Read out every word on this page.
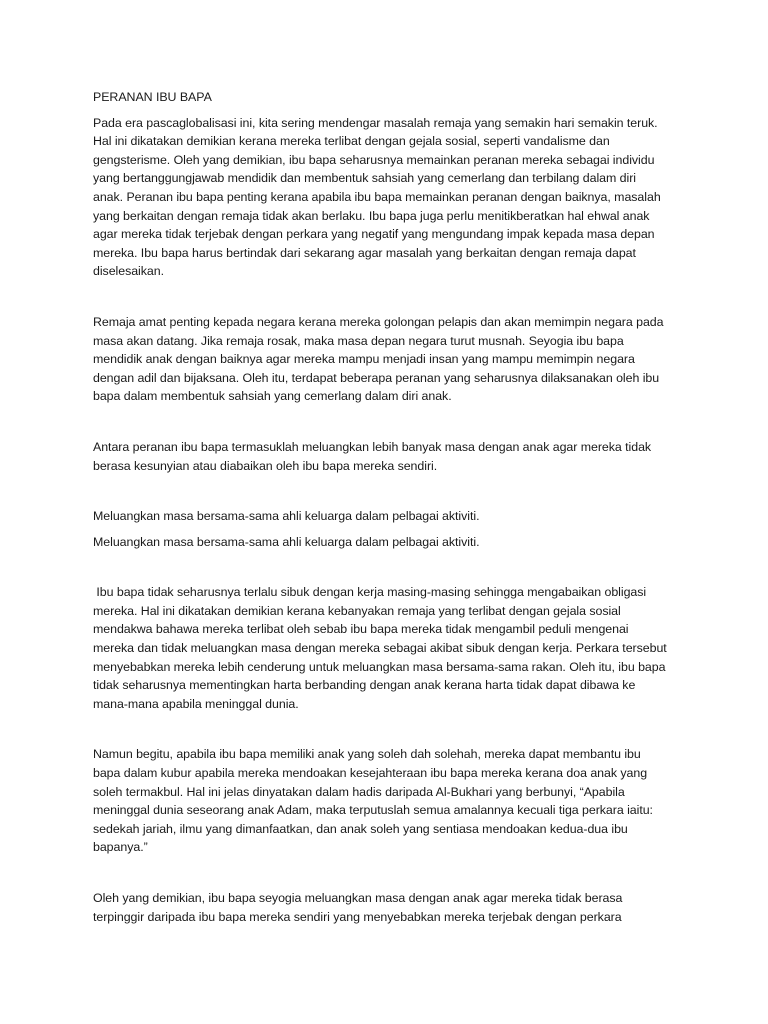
PERANAN IBU BAPA

Pada era pascaglobalisasi ini, kita sering mendengar masalah remaja yang semakin hari semakin teruk. Hal ini dikatakan demikian kerana mereka terlibat dengan gejala sosial, seperti vandalisme dan gengsterisme. Oleh yang demikian, ibu bapa seharusnya memainkan peranan mereka sebagai individu yang bertanggungjawab mendidik dan membentuk sahsiah yang cemerlang dan terbilang dalam diri anak. Peranan ibu bapa penting kerana apabila ibu bapa memainkan peranan dengan baiknya, masalah yang berkaitan dengan remaja tidak akan berlaku. Ibu bapa juga perlu menitikberatkan hal ehwal anak agar mereka tidak terjebak dengan perkara yang negatif yang mengundang impak kepada masa depan mereka. Ibu bapa harus bertindak dari sekarang agar masalah yang berkaitan dengan remaja dapat diselesaikan.

Remaja amat penting kepada negara kerana mereka golongan pelapis dan akan memimpin negara pada masa akan datang. Jika remaja rosak, maka masa depan negara turut musnah. Seyogia ibu bapa mendidik anak dengan baiknya agar mereka mampu menjadi insan yang mampu memimpin negara dengan adil dan bijaksana. Oleh itu, terdapat beberapa peranan yang seharusnya dilaksanakan oleh ibu bapa dalam membentuk sahsiah yang cemerlang dalam diri anak.

Antara peranan ibu bapa termasuklah meluangkan lebih banyak masa dengan anak agar mereka tidak berasa kesunyian atau diabaikan oleh ibu bapa mereka sendiri.

Meluangkan masa bersama-sama ahli keluarga dalam pelbagai aktiviti.

Meluangkan masa bersama-sama ahli keluarga dalam pelbagai aktiviti.

Ibu bapa tidak seharusnya terlalu sibuk dengan kerja masing-masing sehingga mengabaikan obligasi mereka. Hal ini dikatakan demikian kerana kebanyakan remaja yang terlibat dengan gejala sosial mendakwa bahawa mereka terlibat oleh sebab ibu bapa mereka tidak mengambil peduli mengenai mereka dan tidak meluangkan masa dengan mereka sebagai akibat sibuk dengan kerja. Perkara tersebut menyebabkan mereka lebih cenderung untuk meluangkan masa bersama-sama rakan. Oleh itu, ibu bapa tidak seharusnya mementingkan harta berbanding dengan anak kerana harta tidak dapat dibawa ke mana-mana apabila meninggal dunia.

Namun begitu, apabila ibu bapa memiliki anak yang soleh dah solehah, mereka dapat membantu ibu bapa dalam kubur apabila mereka mendoakan kesejahteraan ibu bapa mereka kerana doa anak yang soleh termakbul. Hal ini jelas dinyatakan dalam hadis daripada Al-Bukhari yang berbunyi, “Apabila meninggal dunia seseorang anak Adam, maka terputuslah semua amalannya kecuali tiga perkara iaitu: sedekah jariah, ilmu yang dimanfaatkan, dan anak soleh yang sentiasa mendoakan kedua-dua ibu bapanya.”

Oleh yang demikian, ibu bapa seyogia meluangkan masa dengan anak agar mereka tidak berasa terpinggir daripada ibu bapa mereka sendiri yang menyebabkan mereka terjebak dengan perkara
